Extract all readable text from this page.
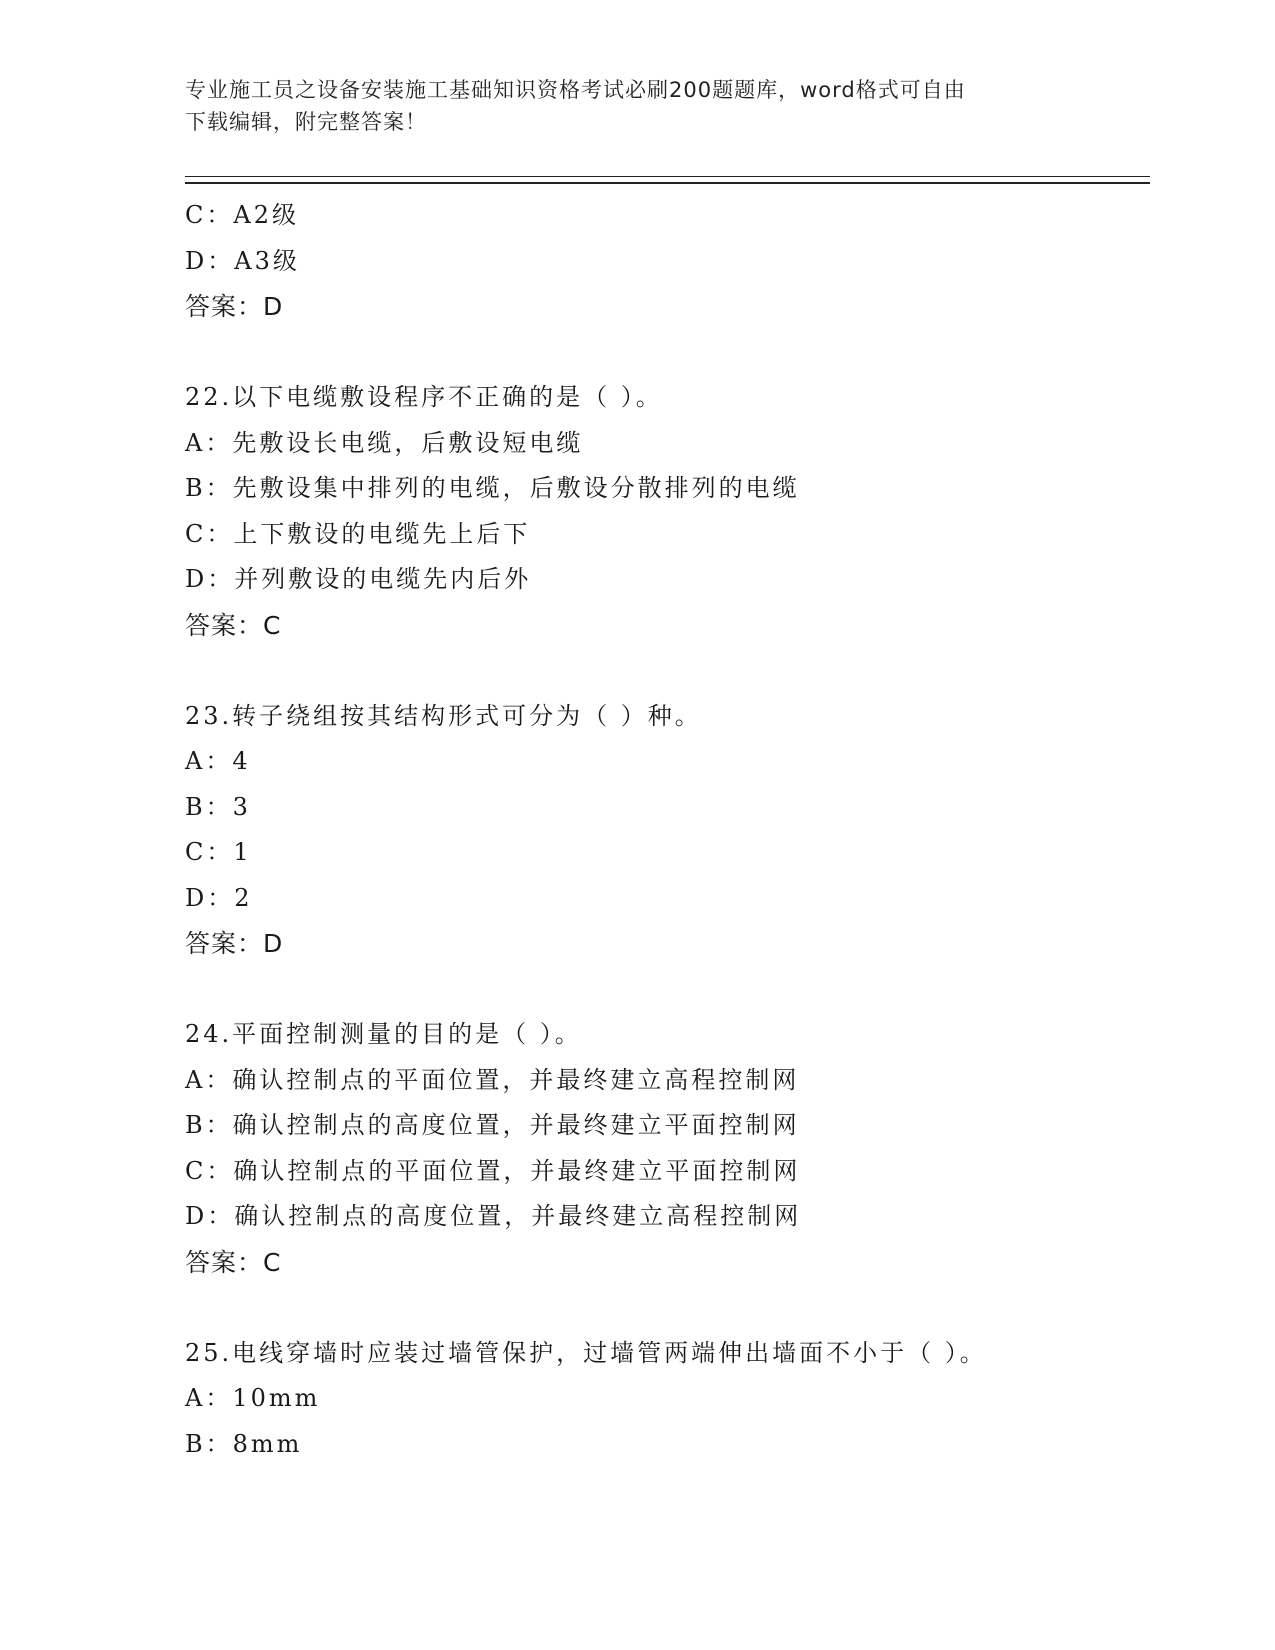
专业施工员之设备安装施工基础知识资格考试必刷200题题库，word格式可自由
下载编辑，附完整答案！
C：A2级
D：A3级
答案：D
22.以下电缆敷设程序不正确的是（ ）。
A：先敷设长电缆，后敷设短电缆
B：先敷设集中排列的电缆，后敷设分散排列的电缆
C：上下敷设的电缆先上后下
D：并列敷设的电缆先内后外
答案：C
23.转子绕组按其结构形式可分为（ ）种。
A：4
B：3
C：1
D：2
答案：D
24.平面控制测量的目的是（ ）。
A：确认控制点的平面位置，并最终建立高程控制网
B：确认控制点的高度位置，并最终建立平面控制网
C：确认控制点的平面位置，并最终建立平面控制网
D：确认控制点的高度位置，并最终建立高程控制网
答案：C
25.电线穿墙时应装过墙管保护，过墙管两端伸出墙面不小于（ ）。
A：10mm
B：8mm
